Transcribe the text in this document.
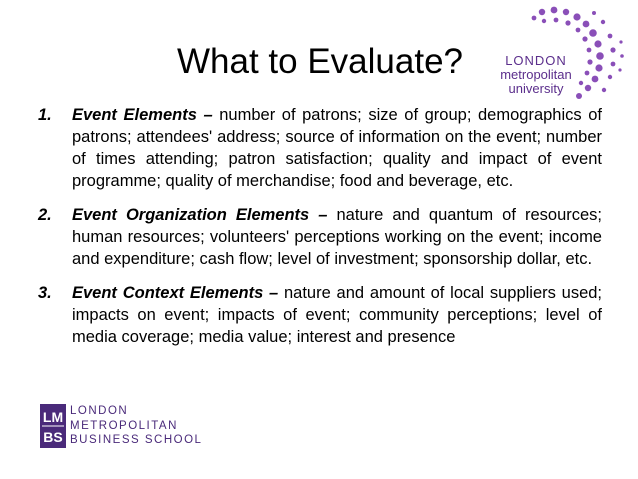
What to Evaluate?	LONDON
metropolitan
university
1. Event Elements – number of patrons; size of group; demographics of patrons; attendees' address; source of information on the event; number of times attending; patron satisfaction; quality and impact of event programme; quality of merchandise; food and beverage, etc.
2. Event Organization Elements – nature and quantum of resources; human resources; volunteers' perceptions working on the event; income and expenditure; cash flow; level of investment; sponsorship dollar, etc.
3. Event Context Elements – nature and amount of local suppliers used; impacts on event; impacts of event; community perceptions; level of media coverage; media value; interest and presence
LM
BS
LONDON
METROPOLITAN
BUSINESS SCHOOL
